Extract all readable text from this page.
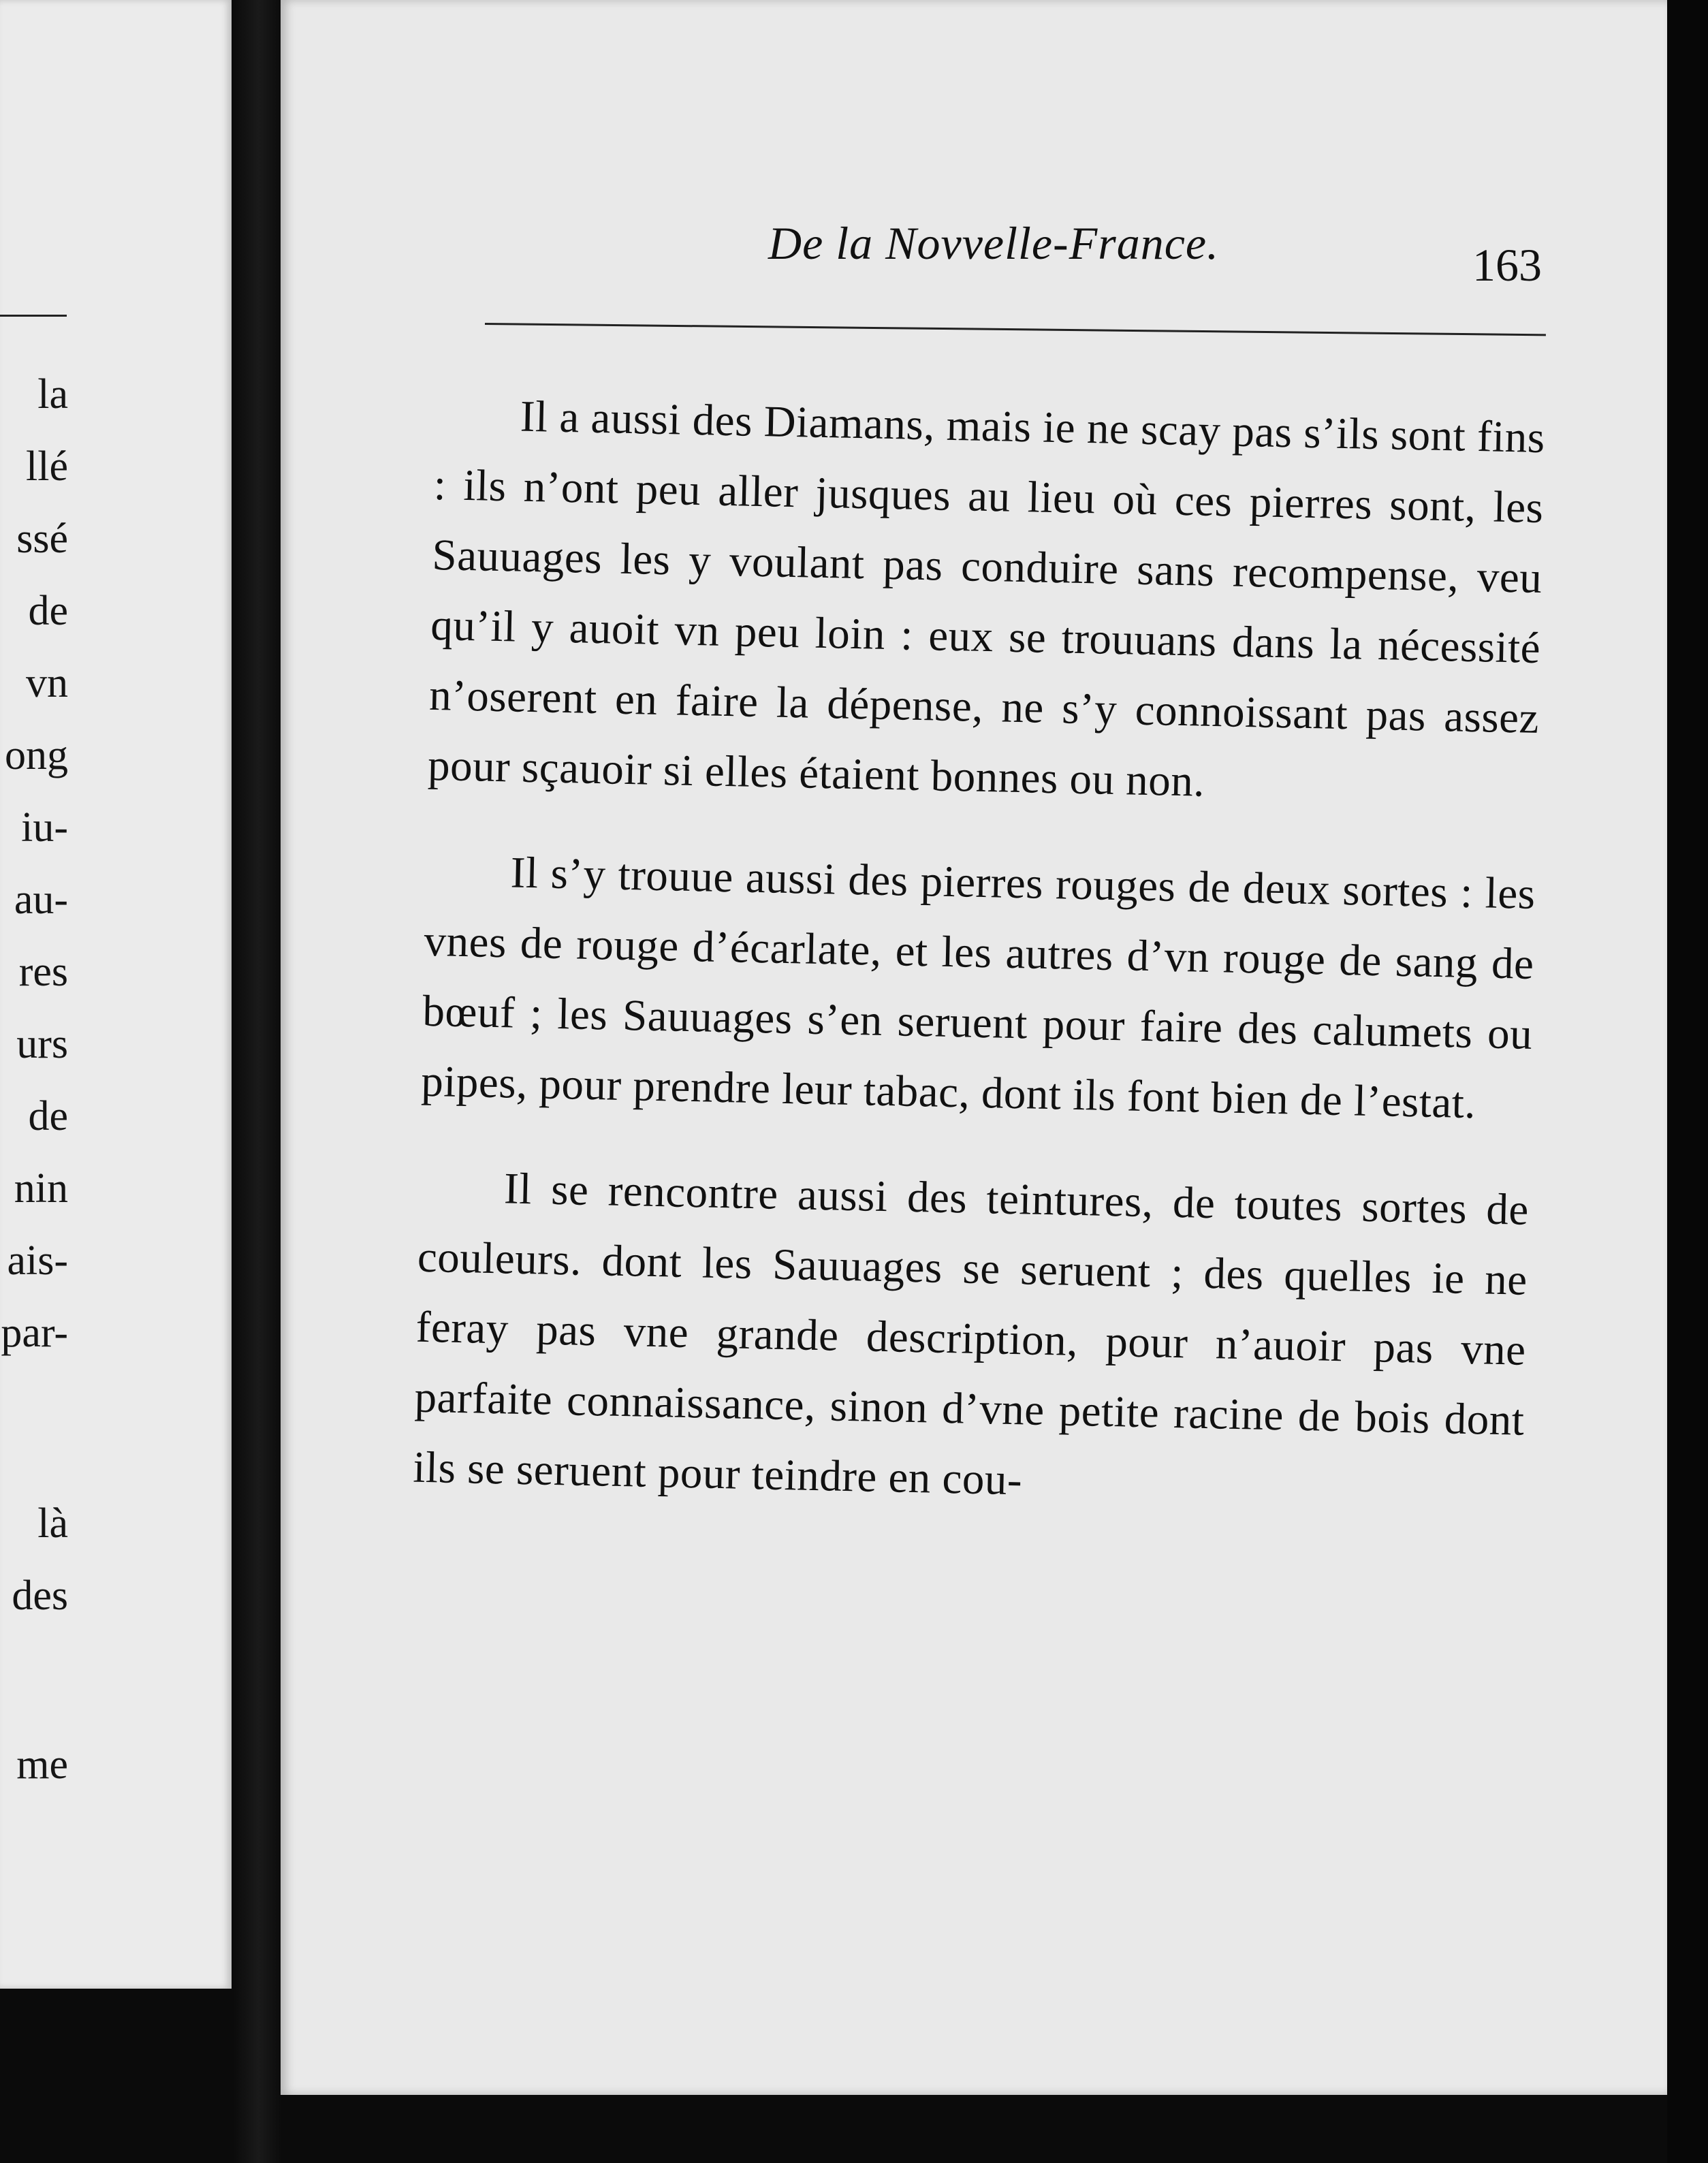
la
llé
ssé
de
vn
ong
iu-
au-
res
urs
de
nin
ais-
par-
là
des
me
De la Novvelle-France.	163

Il a aussi des Diamans, mais ie ne scay pas s’ils sont fins : ils n’ont peu aller jusques au lieu où ces pierres sont, les Sauuages les y voulant pas conduire sans recompense, veu qu’il y auoit vn peu loin : eux se trouuans dans la nécessité n’oserent en faire la dépense, ne s’y connoissant pas assez pour sçauoir si elles étaient bonnes ou non.

Il s’y trouue aussi des pierres rouges de deux sortes : les vnes de rouge d’écarlate, et les autres d’vn rouge de sang de bœuf ; les Sauuages s’en seruent pour faire des calumets ou pipes, pour prendre leur tabac, dont ils font bien de l’estat.

Il se rencontre aussi des teintures, de toutes sortes de couleurs. dont les Sauuages se seruent ; des quelles ie ne feray pas vne grande description, pour n’auoir pas vne parfaite connaissance, sinon d’vne petite racine de bois dont ils se seruent pour teindre en cou-
